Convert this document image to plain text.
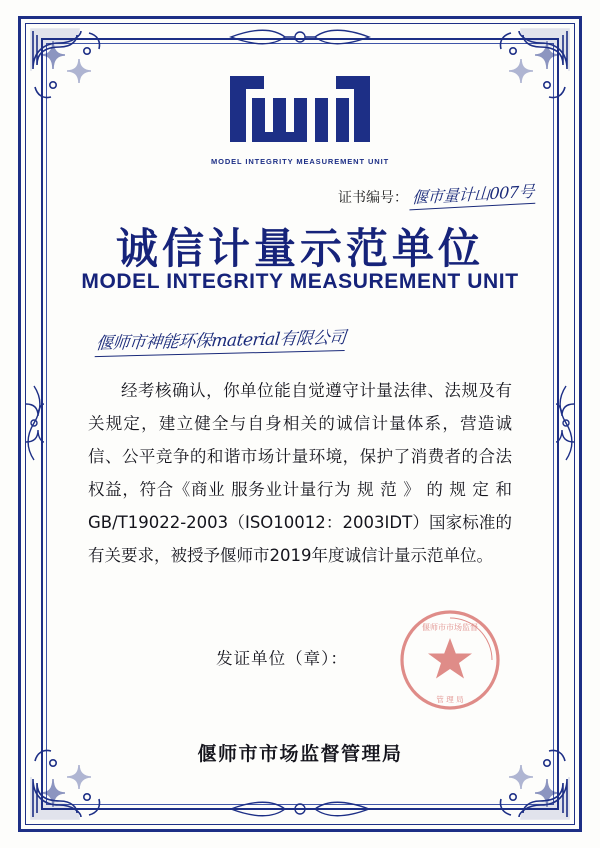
MODEL INTEGRITY MEASUREMENT UNIT
证书编号： 偃市量计山007号
诚信计量示范单位
MODEL INTEGRITY MEASUREMENT UNIT
偃师市神能环保material有限公司

经考核确认，你单位能自觉遵守计量法律、法规及有关规定，建立健全与自身相关的诚信计量体系，营造诚信、公平竞争的和谐市场计量环境，保护了消费者的合法权益，符合《商业 服务业计量行为 规 范 》 的 规 定 和 GB/T19022-2003（ISO10012：2003IDT）国家标准的有关要求，被授予偃师市2019年度诚信计量示范单位。

发证单位（章）：
偃师市市场监督
管 理 局
偃师市市场监督管理局
